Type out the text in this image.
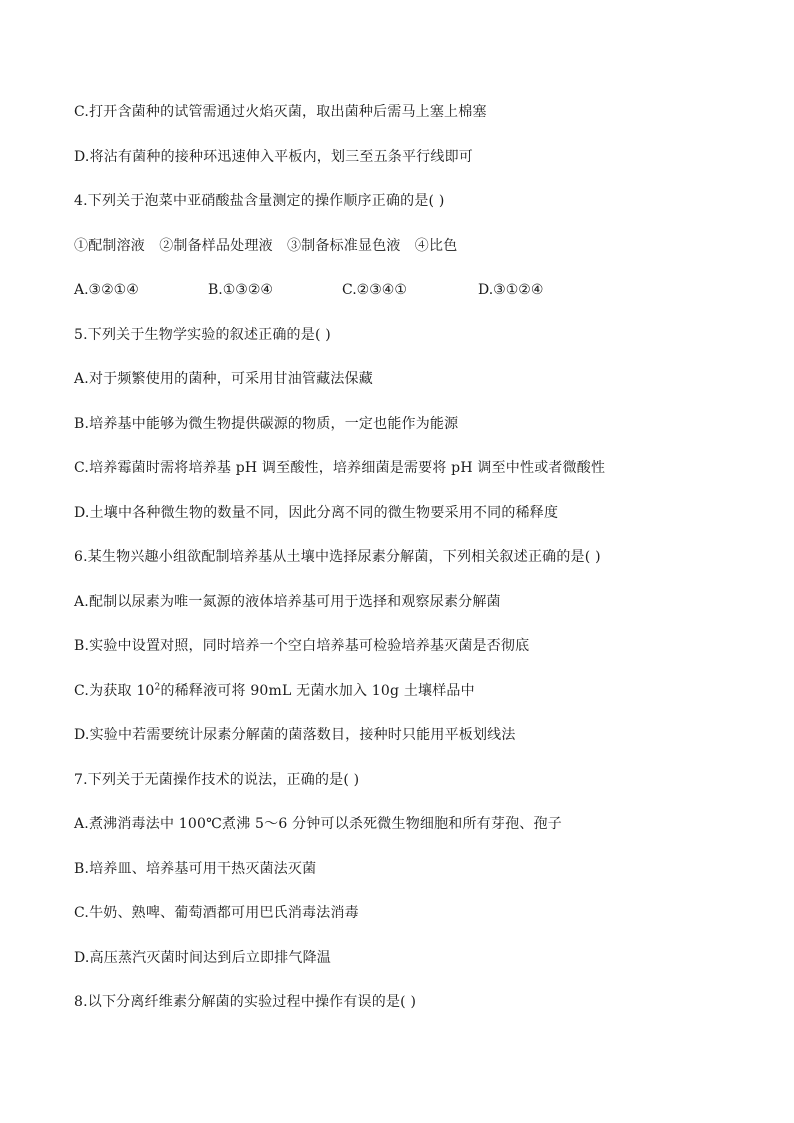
C.打开含菌种的试管需通过火焰灭菌，取出菌种后需马上塞上棉塞
D.将沾有菌种的接种环迅速伸入平板内，划三至五条平行线即可
4.下列关于泡菜中亚硝酸盐含量测定的操作顺序正确的是( )
①配制溶液　②制备样品处理液　③制备标准显色液　④比色
A.③②①④	B.①③②④	C.②③④①	D.③①②④
5.下列关于生物学实验的叙述正确的是( )
A.对于频繁使用的菌种，可采用甘油管藏法保藏
B.培养基中能够为微生物提供碳源的物质，一定也能作为能源
C.培养霉菌时需将培养基 pH 调至酸性，培养细菌是需要将 pH 调至中性或者微酸性
D.土壤中各种微生物的数量不同，因此分离不同的微生物要采用不同的稀释度
6.某生物兴趣小组欲配制培养基从土壤中选择尿素分解菌，下列相关叙述正确的是( )
A.配制以尿素为唯一氮源的液体培养基可用于选择和观察尿素分解菌
B.实验中设置对照，同时培养一个空白培养基可检验培养基灭菌是否彻底
C.为获取 $10^2$的稀释液可将 90mL 无菌水加入 10g 土壤样品中
D.实验中若需要统计尿素分解菌的菌落数目，接种时只能用平板划线法
7.下列关于无菌操作技术的说法，正确的是( )
A.煮沸消毒法中 100℃煮沸 5～6 分钟可以杀死微生物细胞和所有芽孢、孢子
B.培养皿、培养基可用干热灭菌法灭菌
C.牛奶、熟啤、葡萄酒都可用巴氏消毒法消毒
D.高压蒸汽灭菌时间达到后立即排气降温
8.以下分离纤维素分解菌的实验过程中操作有误的是( )
